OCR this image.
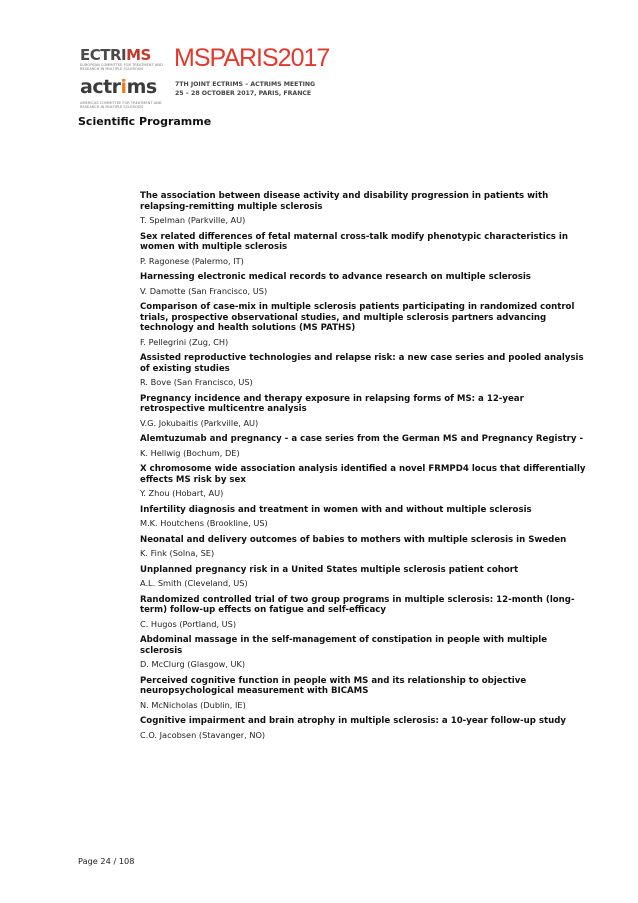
ECTRIMS
EUROPEAN COMMITTEE FOR TREATMENT AND RESEARCH IN MULTIPLE SCLEROSIS
actrims
AMERICAS COMMITTEE FOR TREATMENT AND RESEARCH IN MULTIPLE SCLEROSIS
MSPARIS2017
7TH JOINT ECTRIMS – ACTRIMS MEETING
25 – 28 OCTOBER 2017, PARIS, FRANCE
Scientific Programme

The association between disease activity and disability progression in patients with relapsing-remitting multiple sclerosis

T. Spelman (Parkville, AU)

Sex related differences of fetal maternal cross-talk modify phenotypic characteristics in women with multiple sclerosis

P. Ragonese (Palermo, IT)

Harnessing electronic medical records to advance research on multiple sclerosis

V. Damotte (San Francisco, US)

Comparison of case-mix in multiple sclerosis patients participating in randomized control trials, prospective observational studies, and multiple sclerosis partners advancing technology and health solutions (MS PATHS)

F. Pellegrini (Zug, CH)

Assisted reproductive technologies and relapse risk: a new case series and pooled analysis of existing studies

R. Bove (San Francisco, US)

Pregnancy incidence and therapy exposure in relapsing forms of MS: a 12-year retrospective multicentre analysis

V.G. Jokubaitis (Parkville, AU)

Alemtuzumab and pregnancy - a case series from the German MS and Pregnancy Registry -

K. Hellwig (Bochum, DE)

X chromosome wide association analysis identified a novel FRMPD4 locus that differentially effects MS risk by sex

Y. Zhou (Hobart, AU)

Infertility diagnosis and treatment in women with and without multiple sclerosis

M.K. Houtchens (Brookline, US)

Neonatal and delivery outcomes of babies to mothers with multiple sclerosis in Sweden

K. Fink (Solna, SE)

Unplanned pregnancy risk in a United States multiple sclerosis patient cohort

A.L. Smith (Cleveland, US)

Randomized controlled trial of two group programs in multiple sclerosis: 12-month (long-term) follow-up effects on fatigue and self-efficacy

C. Hugos (Portland, US)

Abdominal massage in the self-management of constipation in people with multiple sclerosis

D. McClurg (Glasgow, UK)

Perceived cognitive function in people with MS and its relationship to objective neuropsychological measurement with BICAMS

N. McNicholas (Dublin, IE)

Cognitive impairment and brain atrophy in multiple sclerosis: a 10-year follow-up study

C.O. Jacobsen (Stavanger, NO)

Page 24 / 108
